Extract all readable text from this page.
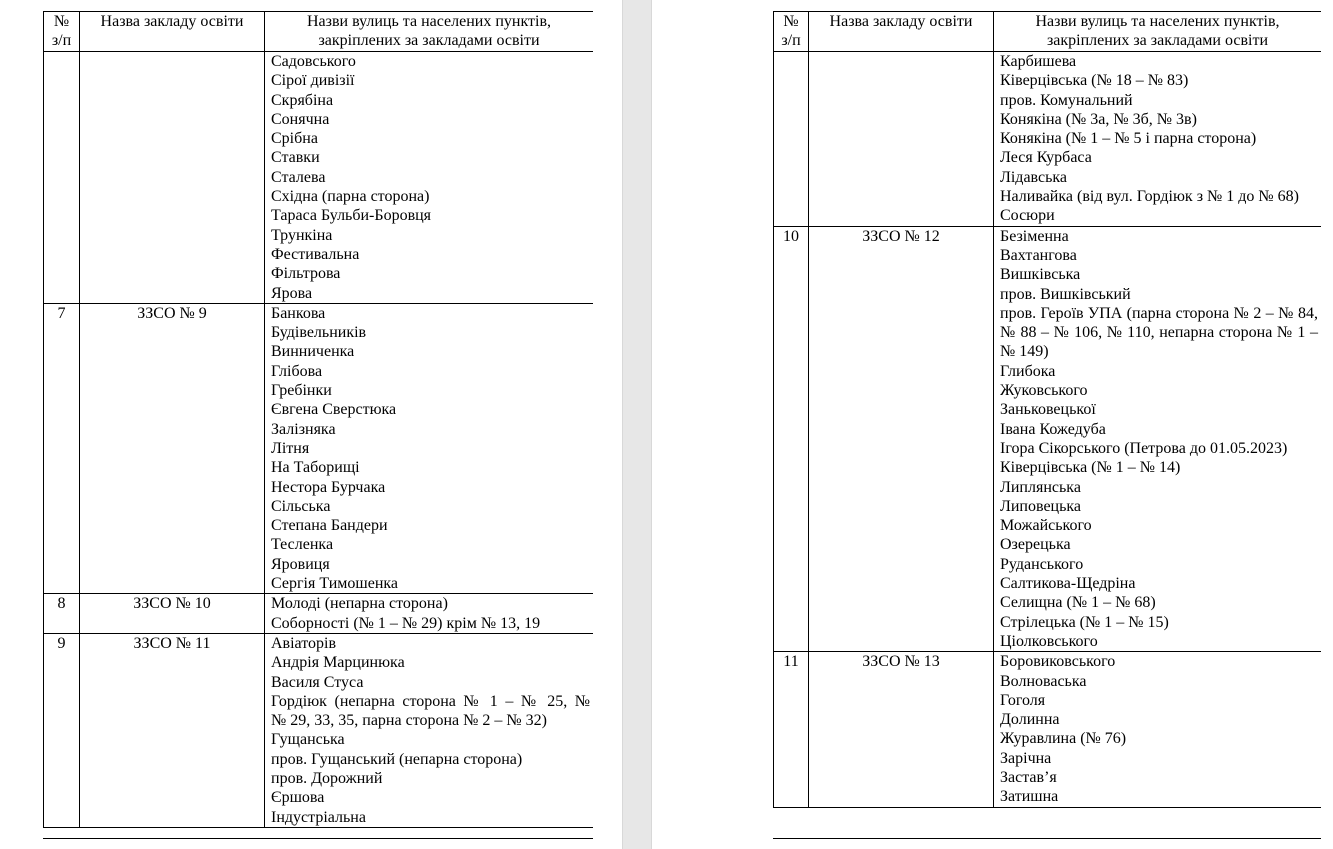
№
з/п
	Назва закладу освіти	Назви вулиць та населених пунктів,
закріплених за закладами освіти

Садовського
Сірої дивізії
Скрябіна
Сонячна
Срібна
Ставки
Сталева
Східна (парна сторона)
Тараса Бульби-Боровця
Трункіна
Фестивальна
Фільтрова
Ярова

7	ЗЗСО № 9	Банкова
Будівельників
Винниченка
Глібова
Гребінки
Євгена Сверстюка
Залізняка
Літня
На Таборищі
Нестора Бурчака
Сільська
Степана Бандери
Тесленка
Яровиця
Сергія Тимошенка

8	ЗЗСО № 10	Молоді (непарна сторона)
Соборності (№ 1 – № 29) крім № 13, 19

9	ЗЗСО № 11	Авіаторів
Андрія Марцинюка
Василя Стуса
Гордіюк (непарна сторона № 1 – № 25, №№ 29, 33, 35, парна сторона № 2 – № 32)
Гущанська
пров. Гущанський (непарна сторона)
пров. Дорожний
Єршова
Індустріальна
№
з/п
	Назва закладу освіти	Назви вулиць та населених пунктів,
закріплених за закладами освіти

Карбишева
Ківерцівська (№ 18 – № 83)
пров. Комунальний
Конякіна (№ 3а, № 3б, № 3в)
Конякіна (№ 1 – № 5 і парна сторона)
Леся Курбаса
Лідавська
Наливайка (від вул. Гордіюк з № 1 до № 68)
Сосюри

10	ЗЗСО № 12	Безіменна
Вахтангова
Вишківська
пров. Вишківський
пров. Героїв УПА (парна сторона № 2 – № 84, № 88 – № 106, № 110, непарна сторона № 1 – № 149)
Глибока
Жуковського
Заньковецької
Івана Кожедуба
Ігора Сікорського (Петрова до 01.05.2023)
Ківерцівська (№ 1 – № 14)
Липлянська
Липовецька
Можайського
Озерецька
Руданського
Салтикова-Щедріна
Селищна (№ 1 – № 68)
Стрілецька (№ 1 – № 15)
Ціолковського

11	ЗЗСО № 13	Боровиковського
Волноваська
Гоголя
Долинна
Журавлина (№ 76)
Зарічна
Застав’я
Затишна
